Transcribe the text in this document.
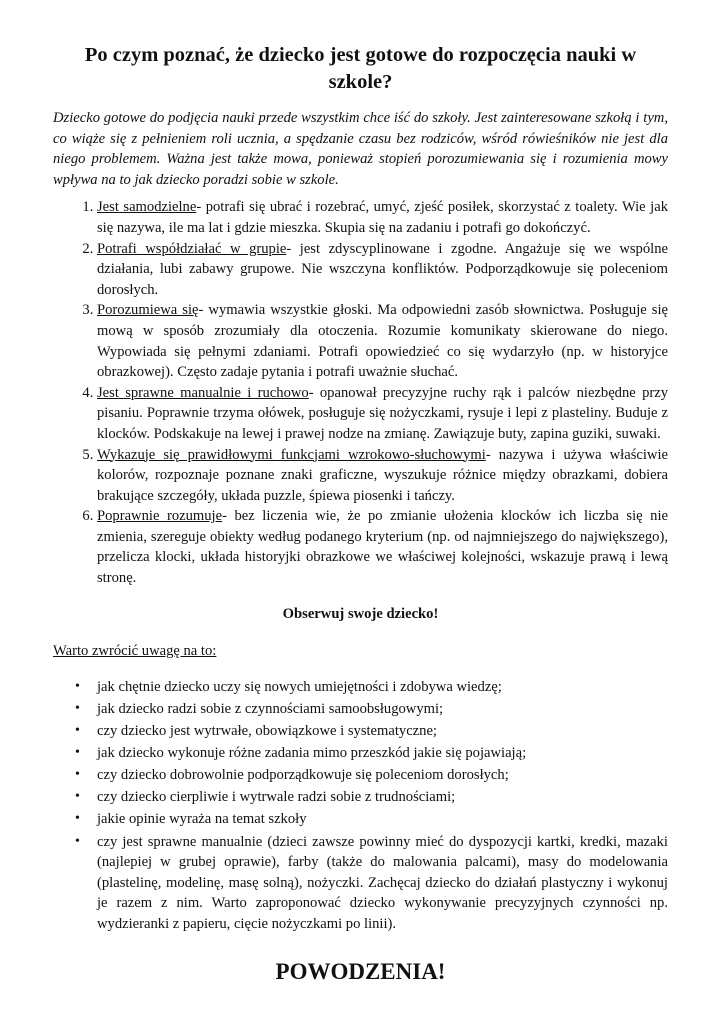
Po czym poznać, że dziecko jest gotowe do rozpoczęcia nauki w szkole?

Dziecko gotowe do podjęcia nauki przede wszystkim chce iść do szkoły. Jest zainteresowane szkołą i tym, co wiąże się z pełnieniem roli ucznia, a spędzanie czasu bez rodziców, wśród rówieśników nie jest dla niego problemem. Ważna jest także mowa, ponieważ stopień porozumiewania się i rozumienia mowy wpływa na to jak dziecko poradzi sobie w szkole.

1. Jest samodzielne- potrafi się ubrać i rozebrać, umyć, zjeść posiłek, skorzystać z toalety. Wie jak się nazywa, ile ma lat i gdzie mieszka. Skupia się na zadaniu i potrafi go dokończyć.
2. Potrafi współdziałać w grupie- jest zdyscyplinowane i zgodne. Angażuje się we wspólne działania, lubi zabawy grupowe. Nie wszczyna konfliktów. Podporządkowuje się poleceniom dorosłych.
3. Porozumiewa się- wymawia wszystkie głoski. Ma odpowiedni zasób słownictwa. Posługuje się mową w sposób zrozumiały dla otoczenia. Rozumie komunikaty skierowane do niego. Wypowiada się pełnymi zdaniami. Potrafi opowiedzieć co się wydarzyło (np. w historyjce obrazkowej). Często zadaje pytania i potrafi uważnie słuchać.
4. Jest sprawne manualnie i ruchowo- opanował precyzyjne ruchy rąk i palców niezbędne przy pisaniu. Poprawnie trzyma ołówek, posługuje się nożyczkami, rysuje i lepi z plasteliny. Buduje z klocków. Podskakuje na lewej i prawej nodze na zmianę. Zawiązuje buty, zapina guziki, suwaki.
5. Wykazuje się prawidłowymi funkcjami wzrokowo-słuchowymi- nazywa i używa właściwie kolorów, rozpoznaje poznane znaki graficzne, wyszukuje różnice między obrazkami, dobiera brakujące szczegóły, układa puzzle, śpiewa piosenki i tańczy.
6. Poprawnie rozumuje- bez liczenia wie, że po zmianie ułożenia klocków ich liczba się nie zmienia, szereguje obiekty według podanego kryterium (np. od najmniejszego do największego), przelicza klocki, układa historyjki obrazkowe we właściwej kolejności, wskazuje prawą i lewą stronę.

Obserwuj swoje dziecko!

Warto zwrócić uwagę na to:

• jak chętnie dziecko uczy się nowych umiejętności i zdobywa wiedzę;
• jak dziecko radzi sobie z czynnościami samoobsługowymi;
• czy dziecko jest wytrwałe, obowiązkowe i systematyczne;
• jak dziecko wykonuje różne zadania mimo przeszkód jakie się pojawiają;
• czy dziecko dobrowolnie podporządkowuje się poleceniom dorosłych;
• czy dziecko cierpliwie i wytrwale radzi sobie z trudnościami;
• jakie opinie wyraża na temat szkoły
• czy jest sprawne manualnie (dzieci zawsze powinny mieć do dyspozycji kartki, kredki, mazaki (najlepiej w grubej oprawie), farby (także do malowania palcami), masy do modelowania (plastelinę, modelinę, masę solną), nożyczki. Zachęcaj dziecko do działań plastyczny i wykonuj je razem z nim. Warto zaproponować dziecko wykonywanie precyzyjnych czynności np. wydzieranki z papieru, cięcie nożyczkami po linii).
POWODZENIA!
